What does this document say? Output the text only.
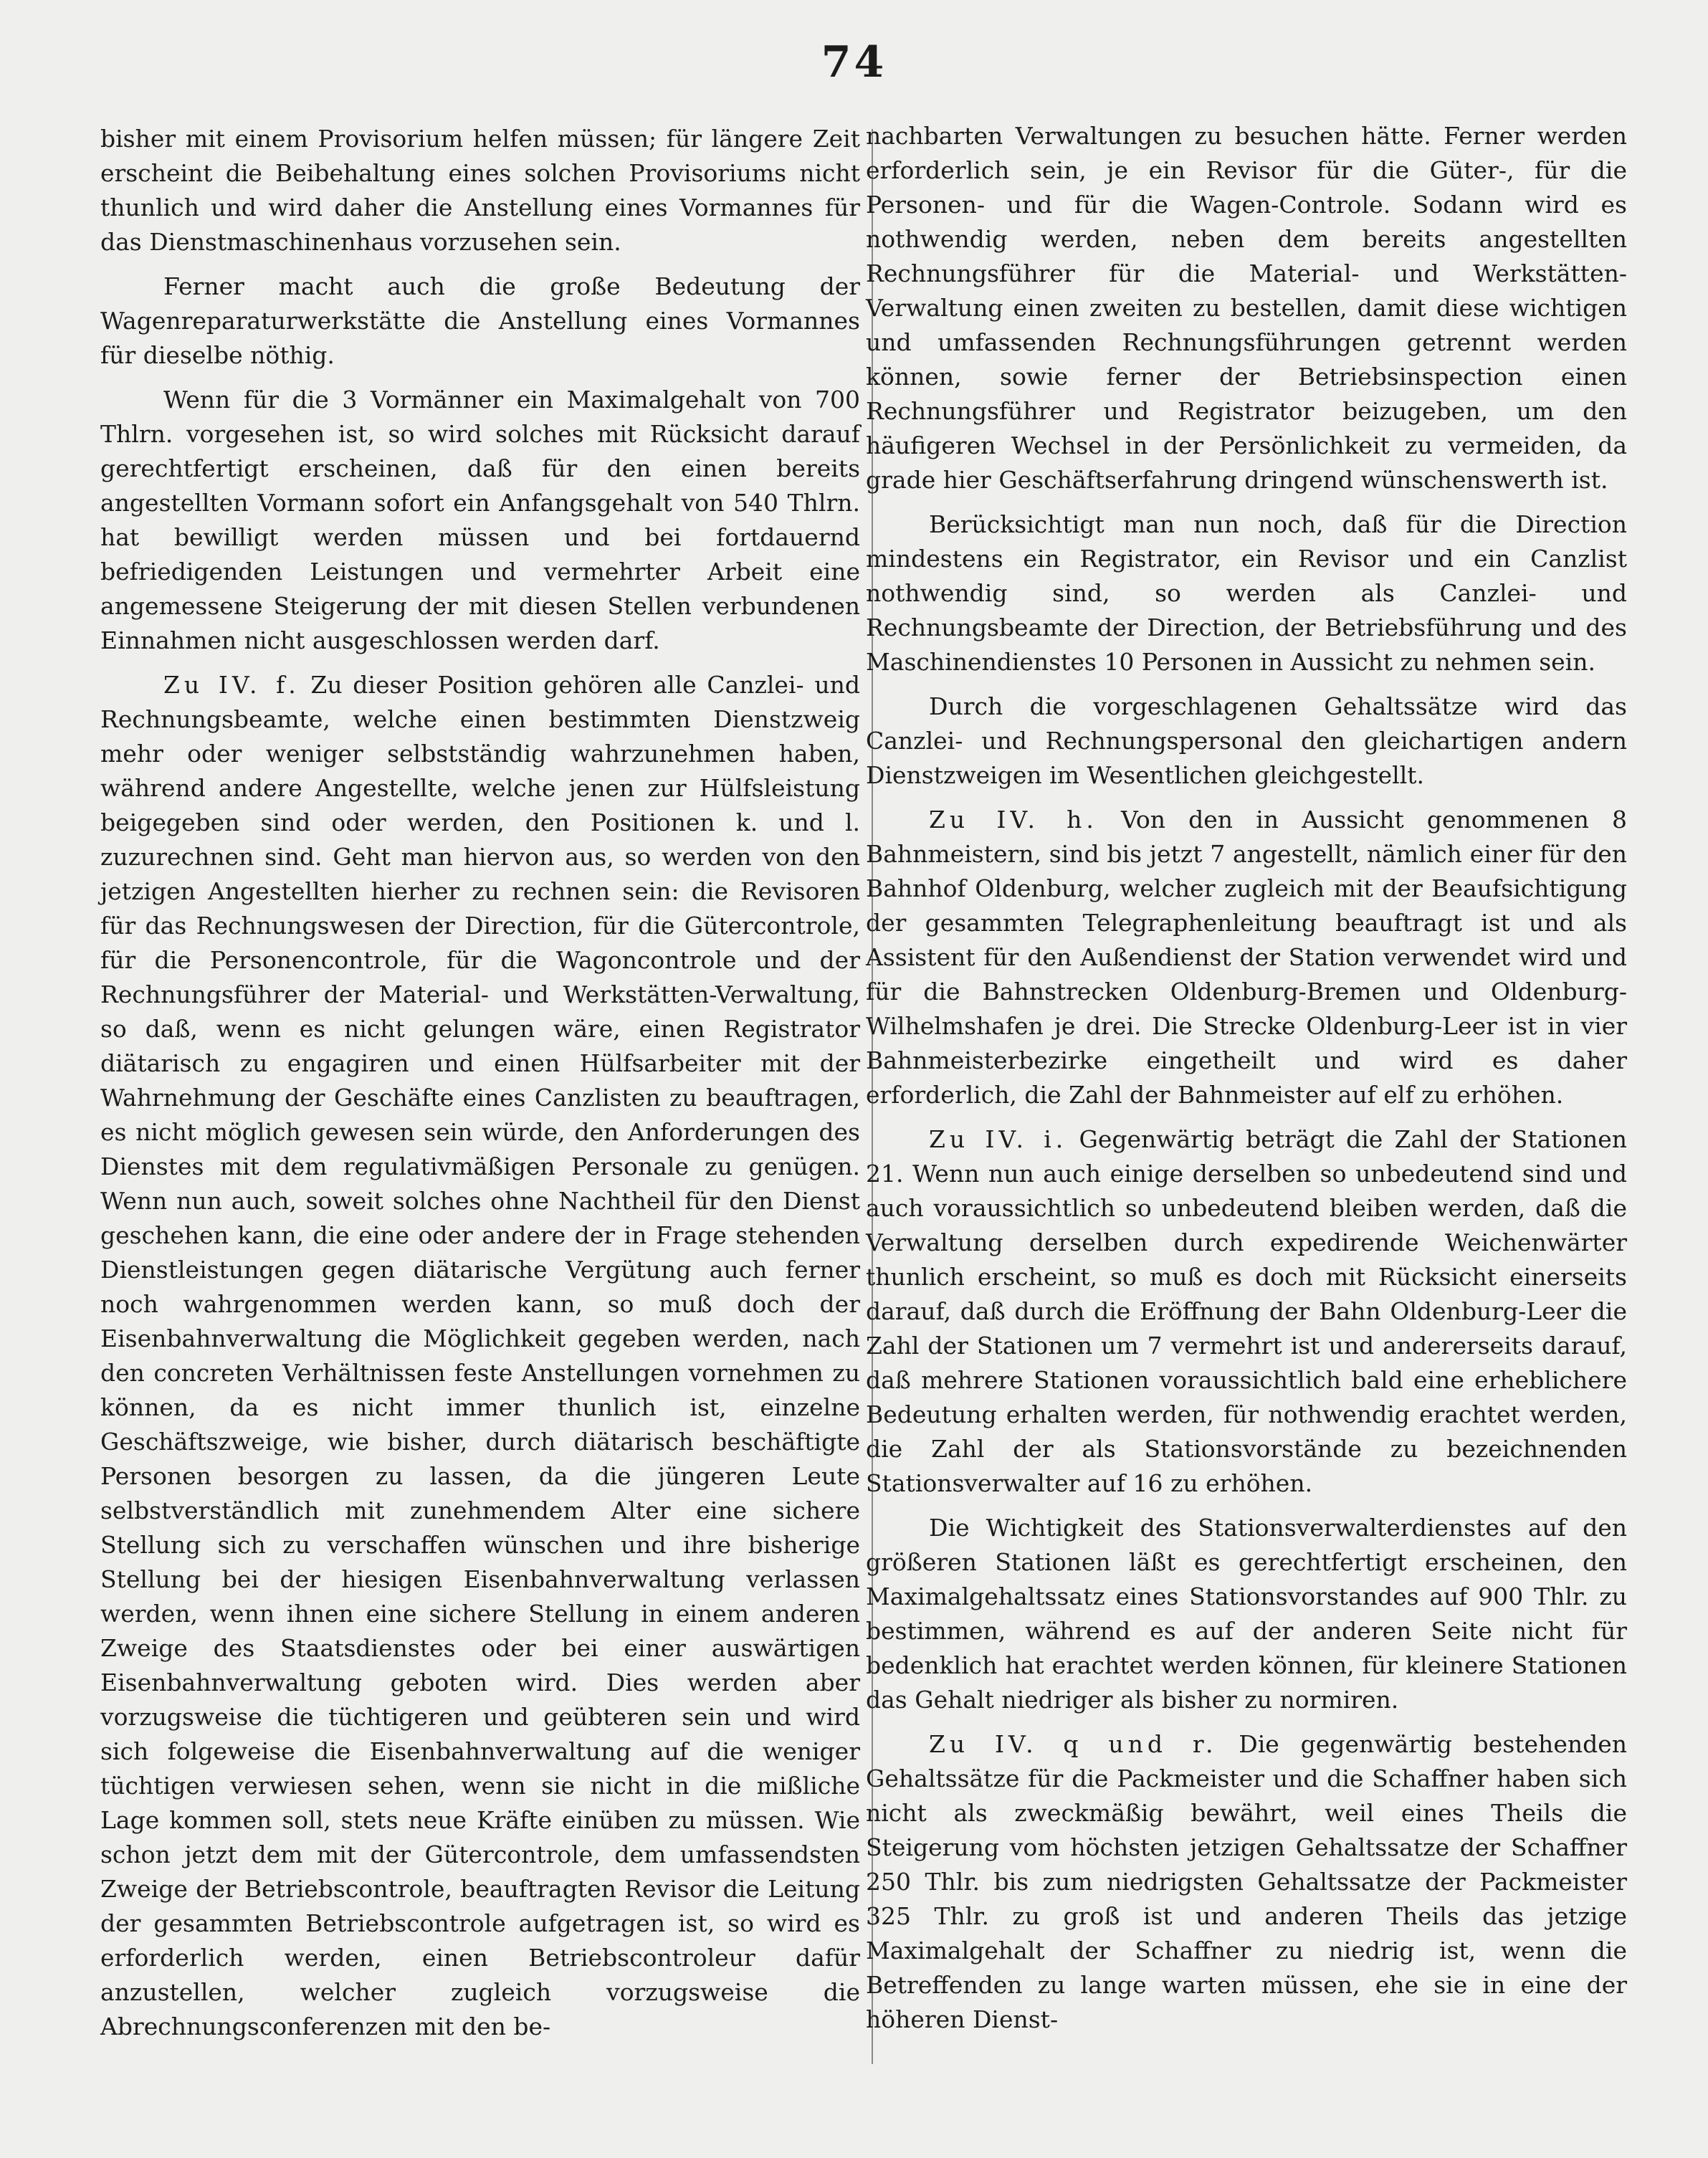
74

bisher mit einem Provisorium helfen müssen; für längere Zeit erscheint die Beibehaltung eines solchen Provisoriums nicht thunlich und wird daher die Anstellung eines Vormannes für das Dienstmaschinenhaus vorzusehen sein.

Ferner macht auch die große Bedeutung der Wagenreparaturwerkstätte die Anstellung eines Vormannes für dieselbe nöthig.

Wenn für die 3 Vormänner ein Maximalgehalt von 700 Thlrn. vorgesehen ist, so wird solches mit Rücksicht darauf gerechtfertigt erscheinen, daß für den einen bereits angestellten Vormann sofort ein Anfangsgehalt von 540 Thlrn. hat bewilligt werden müssen und bei fortdauernd befriedigenden Leistungen und vermehrter Arbeit eine angemessene Steigerung der mit diesen Stellen verbundenen Einnahmen nicht ausgeschlossen werden darf.

Zu IV. f. Zu dieser Position gehören alle Canzlei- und Rechnungsbeamte, welche einen bestimmten Dienstzweig mehr oder weniger selbstständig wahrzunehmen haben, während andere Angestellte, welche jenen zur Hülfsleistung beigegeben sind oder werden, den Positionen k. und l. zuzurechnen sind. Geht man hiervon aus, so werden von den jetzigen Angestellten hierher zu rechnen sein: die Revisoren für das Rechnungswesen der Direction, für die Gütercontrole, für die Personencontrole, für die Wagoncontrole und der Rechnungsführer der Material- und Werkstätten-Verwaltung, so daß, wenn es nicht gelungen wäre, einen Registrator diätarisch zu engagiren und einen Hülfsarbeiter mit der Wahrnehmung der Geschäfte eines Canzlisten zu beauftragen, es nicht möglich gewesen sein würde, den Anforderungen des Dienstes mit dem regulativmäßigen Personale zu genügen. Wenn nun auch, soweit solches ohne Nachtheil für den Dienst geschehen kann, die eine oder andere der in Frage stehenden Dienstleistungen gegen diätarische Vergütung auch ferner noch wahrgenommen werden kann, so muß doch der Eisenbahnverwaltung die Möglichkeit gegeben werden, nach den concreten Verhältnissen feste Anstellungen vornehmen zu können, da es nicht immer thunlich ist, einzelne Geschäftszweige, wie bisher, durch diätarisch beschäftigte Personen besorgen zu lassen, da die jüngeren Leute selbstverständlich mit zunehmendem Alter eine sichere Stellung sich zu verschaffen wünschen und ihre bisherige Stellung bei der hiesigen Eisenbahnverwaltung verlassen werden, wenn ihnen eine sichere Stellung in einem anderen Zweige des Staatsdienstes oder bei einer auswärtigen Eisenbahnverwaltung geboten wird. Dies werden aber vorzugsweise die tüchtigeren und geübteren sein und wird sich folgeweise die Eisenbahnverwaltung auf die weniger tüchtigen verwiesen sehen, wenn sie nicht in die mißliche Lage kommen soll, stets neue Kräfte einüben zu müssen. Wie schon jetzt dem mit der Gütercontrole, dem umfassendsten Zweige der Betriebscontrole, beauftragten Revisor die Leitung der gesammten Betriebscontrole aufgetragen ist, so wird es erforderlich werden, einen Betriebscontroleur dafür anzustellen, welcher zugleich vorzugsweise die Abrechnungsconferenzen mit den be-

nachbarten Verwaltungen zu besuchen hätte. Ferner werden erforderlich sein, je ein Revisor für die Güter-, für die Personen- und für die Wagen-Controle. Sodann wird es nothwendig werden, neben dem bereits angestellten Rechnungsführer für die Material- und Werkstätten-Verwaltung einen zweiten zu bestellen, damit diese wichtigen und umfassenden Rechnungsführungen getrennt werden können, sowie ferner der Betriebsinspection einen Rechnungsführer und Registrator beizugeben, um den häufigeren Wechsel in der Persönlichkeit zu vermeiden, da grade hier Geschäftserfahrung dringend wünschenswerth ist.

Berücksichtigt man nun noch, daß für die Direction mindestens ein Registrator, ein Revisor und ein Canzlist nothwendig sind, so werden als Canzlei- und Rechnungsbeamte der Direction, der Betriebsführung und des Maschinendienstes 10 Personen in Aussicht zu nehmen sein.

Durch die vorgeschlagenen Gehaltssätze wird das Canzlei- und Rechnungspersonal den gleichartigen andern Dienstzweigen im Wesentlichen gleichgestellt.

Zu IV. h. Von den in Aussicht genommenen 8 Bahnmeistern, sind bis jetzt 7 angestellt, nämlich einer für den Bahnhof Oldenburg, welcher zugleich mit der Beaufsichtigung der gesammten Telegraphenleitung beauftragt ist und als Assistent für den Außendienst der Station verwendet wird und für die Bahnstrecken Oldenburg-Bremen und Oldenburg-Wilhelmshafen je drei. Die Strecke Oldenburg-Leer ist in vier Bahnmeisterbezirke eingetheilt und wird es daher erforderlich, die Zahl der Bahnmeister auf elf zu erhöhen.

Zu IV. i. Gegenwärtig beträgt die Zahl der Stationen 21. Wenn nun auch einige derselben so unbedeutend sind und auch voraussichtlich so unbedeutend bleiben werden, daß die Verwaltung derselben durch expedirende Weichenwärter thunlich erscheint, so muß es doch mit Rücksicht einerseits darauf, daß durch die Eröffnung der Bahn Oldenburg-Leer die Zahl der Stationen um 7 vermehrt ist und andererseits darauf, daß mehrere Stationen voraussichtlich bald eine erheblichere Bedeutung erhalten werden, für nothwendig erachtet werden, die Zahl der als Stationsvorstände zu bezeichnenden Stationsverwalter auf 16 zu erhöhen.

Die Wichtigkeit des Stationsverwalterdienstes auf den größeren Stationen läßt es gerechtfertigt erscheinen, den Maximalgehaltssatz eines Stationsvorstandes auf 900 Thlr. zu bestimmen, während es auf der anderen Seite nicht für bedenklich hat erachtet werden können, für kleinere Stationen das Gehalt niedriger als bisher zu normiren.

Zu IV. q und r. Die gegenwärtig bestehenden Gehaltssätze für die Packmeister und die Schaffner haben sich nicht als zweckmäßig bewährt, weil eines Theils die Steigerung vom höchsten jetzigen Gehaltssatze der Schaffner 250 Thlr. bis zum niedrigsten Gehaltssatze der Packmeister 325 Thlr. zu groß ist und anderen Theils das jetzige Maximalgehalt der Schaffner zu niedrig ist, wenn die Betreffenden zu lange warten müssen, ehe sie in eine der höheren Dienst-
